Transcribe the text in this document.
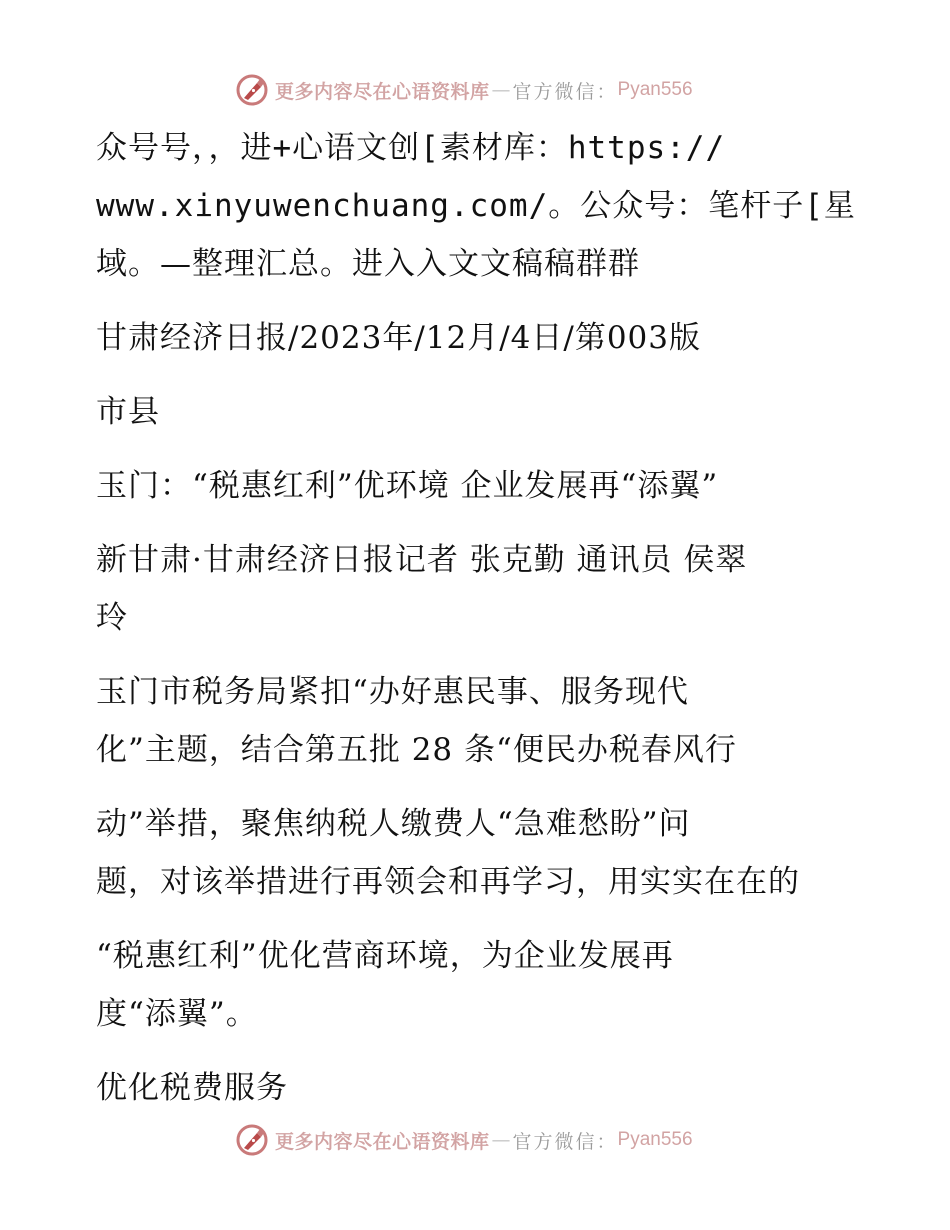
更多内容尽在心语资料库 — 官方微信： Pyan556
众号号，，进+心语文创[素材库：https://
www.xinyuwenchuang.com/。公众号：笔杆子[星
域。—整理汇总。进入入文文稿稿群群
甘肃经济日报/2023年/12月/4日/第003版
市县
玉门：“税惠红利”优环境 企业发展再“添翼”
新甘肃·甘肃经济日报记者 张克勤 通讯员 侯翠
玲
玉门市税务局紧扣“办好惠民事、服务现代
化”主题，结合第五批 28 条“便民办税春风行
动”举措，聚焦纳税人缴费人“急难愁盼”问
题，对该举措进行再领会和再学习，用实实在在的
“税惠红利”优化营商环境，为企业发展再
度“添翼”。
优化税费服务
更多内容尽在心语资料库 — 官方微信： Pyan556
